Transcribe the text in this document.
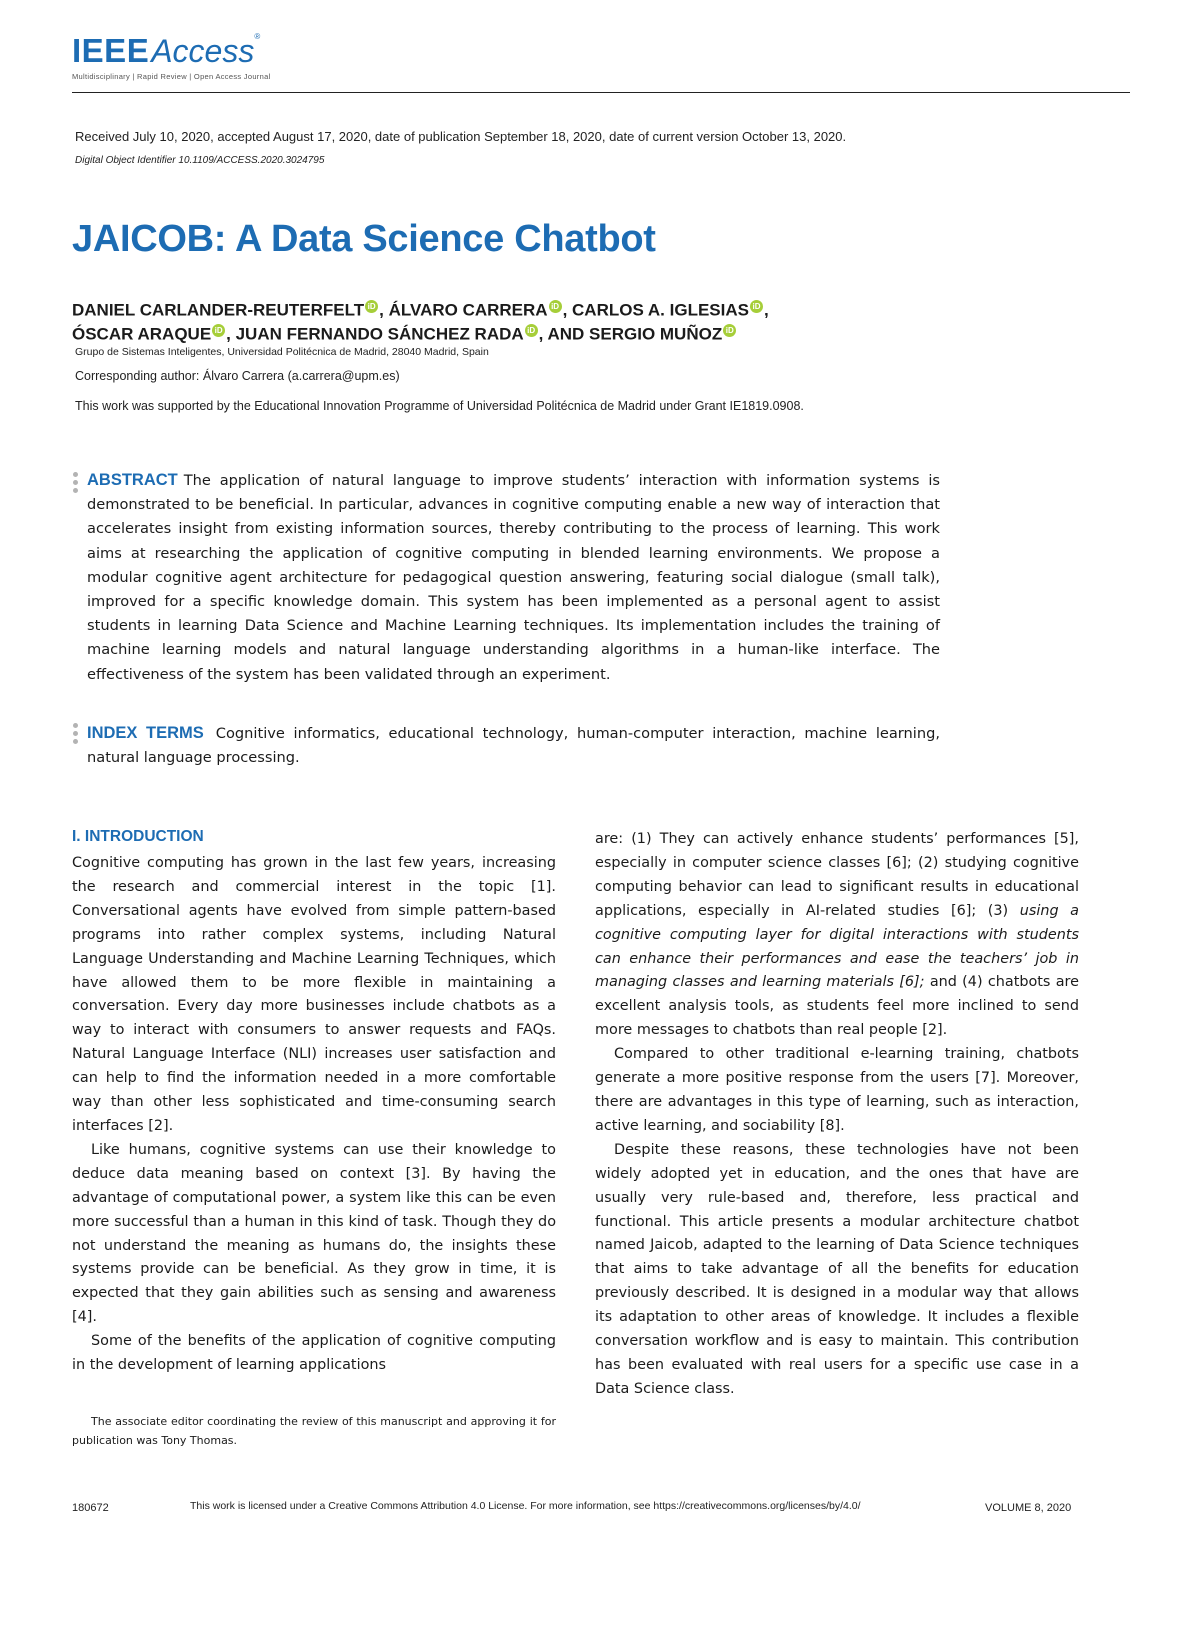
IEEEAccess®
Multidisciplinary | Rapid Review | Open Access Journal
Received July 10, 2020, accepted August 17, 2020, date of publication September 18, 2020, date of current version October 13, 2020.
Digital Object Identifier 10.1109/ACCESS.2020.3024795
JAICOB: A Data Science Chatbot
DANIEL CARLANDER-REUTERFELT iD , ÁLVARO CARRERA iD , CARLOS A. IGLESIAS iD ,
ÓSCAR ARAQUE iD , JUAN FERNANDO SÁNCHEZ RADA iD , AND SERGIO MUÑOZ iD
Grupo de Sistemas Inteligentes, Universidad Politécnica de Madrid, 28040 Madrid, Spain
Corresponding author: Álvaro Carrera (a.carrera@upm.es)
This work was supported by the Educational Innovation Programme of Universidad Politécnica de Madrid under Grant IE1819.0908.
ABSTRACT The application of natural language to improve students’ interaction with information systems is demonstrated to be beneficial. In particular, advances in cognitive computing enable a new way of interaction that accelerates insight from existing information sources, thereby contributing to the process of learning. This work aims at researching the application of cognitive computing in blended learning environments. We propose a modular cognitive agent architecture for pedagogical question answering, featuring social dialogue (small talk), improved for a specific knowledge domain. This system has been implemented as a personal agent to assist students in learning Data Science and Machine Learning techniques. Its implementation includes the training of machine learning models and natural language understanding algorithms in a human-like interface. The effectiveness of the system has been validated through an experiment.
INDEX TERMS Cognitive informatics, educational technology, human-computer interaction, machine learning, natural language processing.
I. INTRODUCTION

Cognitive computing has grown in the last few years, increasing the research and commercial interest in the topic [1]. Conversational agents have evolved from simple pattern-based programs into rather complex systems, including Natural Language Understanding and Machine Learning Techniques, which have allowed them to be more flexible in maintaining a conversation. Every day more businesses include chatbots as a way to interact with consumers to answer requests and FAQs. Natural Language Interface (NLI) increases user satisfaction and can help to find the information needed in a more comfortable way than other less sophisticated and time-consuming search interfaces [2].

Like humans, cognitive systems can use their knowledge to deduce data meaning based on context [3]. By having the advantage of computational power, a system like this can be even more successful than a human in this kind of task. Though they do not understand the meaning as humans do, the insights these systems provide can be beneficial. As they grow in time, it is expected that they gain abilities such as sensing and awareness [4].

Some of the benefits of the application of cognitive computing in the development of learning applications

The associate editor coordinating the review of this manuscript and approving it for publication was Tony Thomas.

are: (1) They can actively enhance students’ performances [5], especially in computer science classes [6]; (2) studying cognitive computing behavior can lead to significant results in educational applications, especially in AI-related studies [6]; (3) using a cognitive computing layer for digital interactions with students can enhance their performances and ease the teachers’ job in managing classes and learning materials [6]; and (4) chatbots are excellent analysis tools, as students feel more inclined to send more messages to chatbots than real people [2].

Compared to other traditional e-learning training, chatbots generate a more positive response from the users [7]. Moreover, there are advantages in this type of learning, such as interaction, active learning, and sociability [8].

Despite these reasons, these technologies have not been widely adopted yet in education, and the ones that have are usually very rule-based and, therefore, less practical and functional. This article presents a modular architecture chatbot named Jaicob, adapted to the learning of Data Science techniques that aims to take advantage of all the benefits for education previously described. It is designed in a modular way that allows its adaptation to other areas of knowledge. It includes a flexible conversation workflow and is easy to maintain. This contribution has been evaluated with real users for a specific use case in a Data Science class.

180672	This work is licensed under a Creative Commons Attribution 4.0 License. For more information, see https://creativecommons.org/licenses/by/4.0/	VOLUME 8, 2020
